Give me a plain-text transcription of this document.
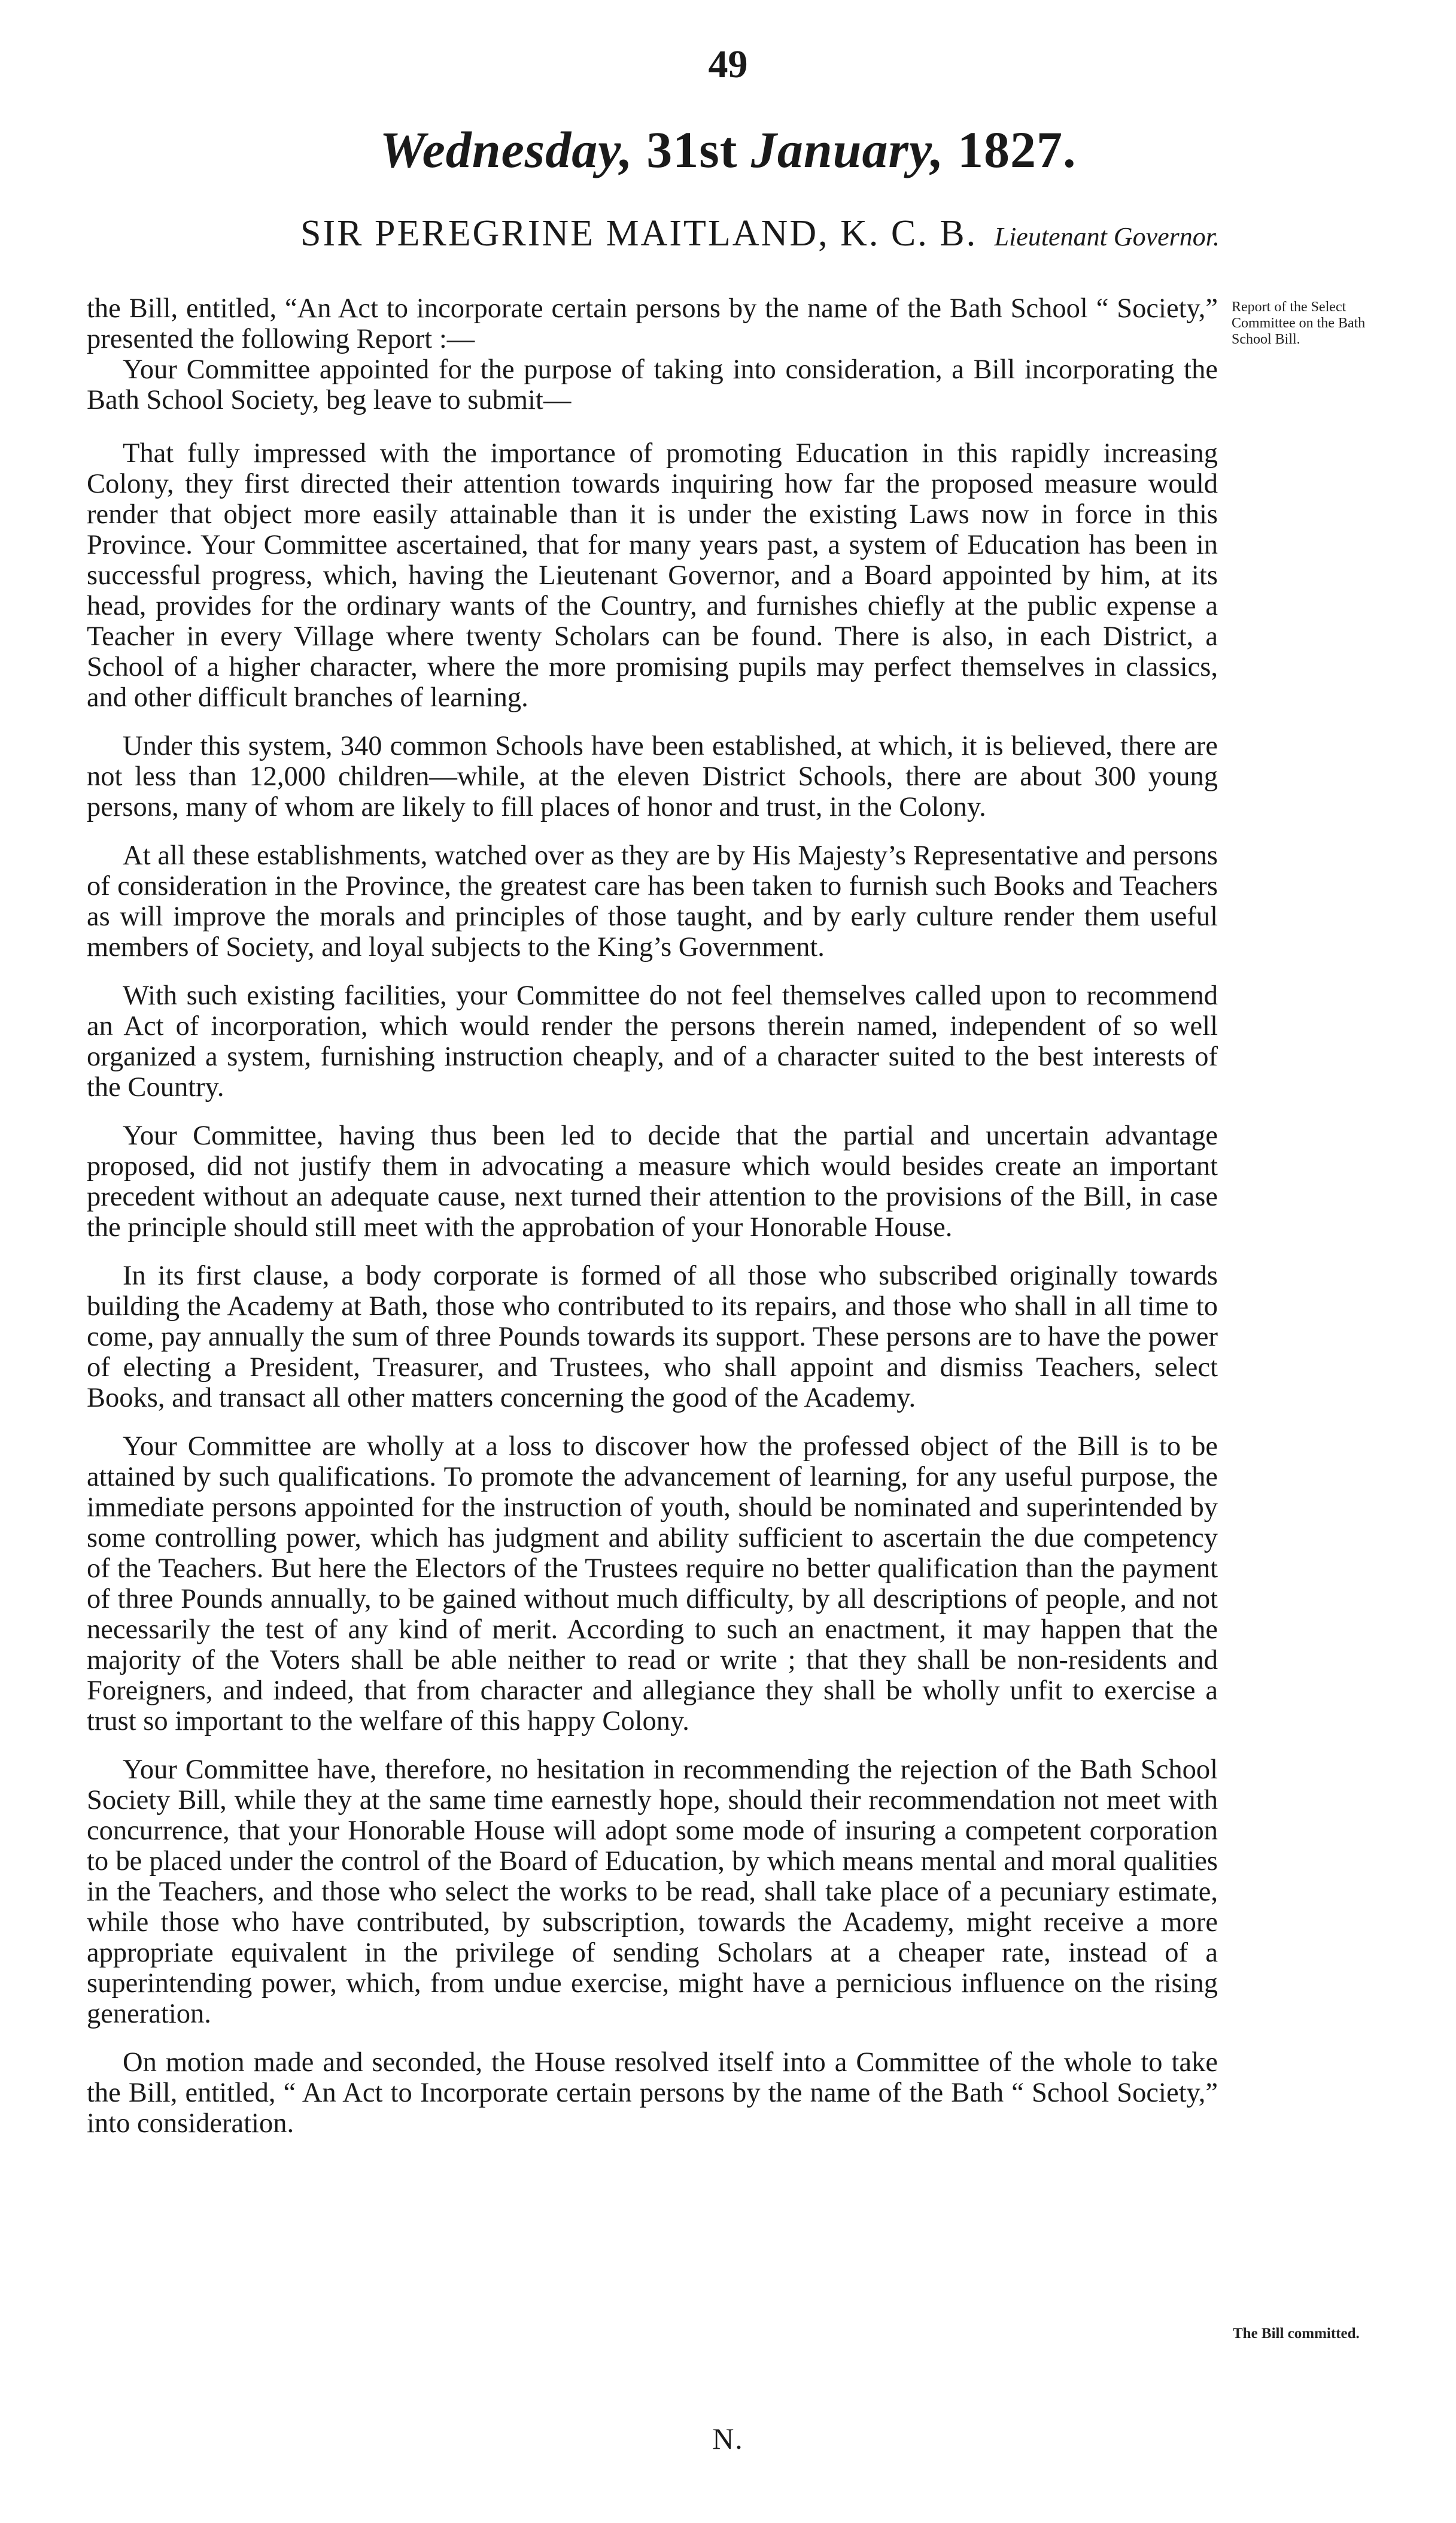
49
Wednesday, 31st January, 1827.
SIR PEREGRINE MAITLAND, K. C. B. Lieutenant Governor.
Report of the Select Committee on the Bath School Bill.

the Bill, entitled, “An Act to incorporate certain persons by the name of the Bath School “ Society,” presented the following Report :—

Your Committee appointed for the purpose of taking into consideration, a Bill incorporating the Bath School Society, beg leave to submit—

That fully impressed with the importance of promoting Education in this rapidly increasing Colony, they first directed their attention towards inquiring how far the proposed measure would render that object more easily attainable than it is under the existing Laws now in force in this Province. Your Committee ascertained, that for many years past, a system of Education has been in successful progress, which, having the Lieutenant Governor, and a Board appointed by him, at its head, provides for the ordinary wants of the Country, and furnishes chiefly at the public expense a Teacher in every Village where twenty Scholars can be found. There is also, in each District, a School of a higher character, where the more promising pupils may perfect themselves in classics, and other difficult branches of learning.

Under this system, 340 common Schools have been established, at which, it is believed, there are not less than 12,000 children—while, at the eleven District Schools, there are about 300 young persons, many of whom are likely to fill places of honor and trust, in the Colony.

At all these establishments, watched over as they are by His Majesty’s Representative and persons of consideration in the Province, the greatest care has been taken to furnish such Books and Teachers as will improve the morals and principles of those taught, and by early culture render them useful members of Society, and loyal subjects to the King’s Government.

With such existing facilities, your Committee do not feel themselves called upon to recommend an Act of incorporation, which would render the persons therein named, independent of so well organized a system, furnishing instruction cheaply, and of a character suited to the best interests of the Country.

Your Committee, having thus been led to decide that the partial and uncertain advantage proposed, did not justify them in advocating a measure which would besides create an important precedent without an adequate cause, next turned their attention to the provisions of the Bill, in case the principle should still meet with the approbation of your Honorable House.

In its first clause, a body corporate is formed of all those who subscribed originally towards building the Academy at Bath, those who contributed to its repairs, and those who shall in all time to come, pay annually the sum of three Pounds towards its support. These persons are to have the power of electing a President, Treasurer, and Trustees, who shall appoint and dismiss Teachers, select Books, and transact all other matters concerning the good of the Academy.

Your Committee are wholly at a loss to discover how the professed object of the Bill is to be attained by such qualifications. To promote the advancement of learning, for any useful purpose, the immediate persons appointed for the instruction of youth, should be nominated and superintended by some controlling power, which has judgment and ability sufficient to ascertain the due competency of the Teachers. But here the Electors of the Trustees require no better qualification than the payment of three Pounds annually, to be gained without much difficulty, by all descriptions of people, and not necessarily the test of any kind of merit. According to such an enactment, it may happen that the majority of the Voters shall be able neither to read or write ; that they shall be non-residents and Foreigners, and indeed, that from character and allegiance they shall be wholly unfit to exercise a trust so important to the welfare of this happy Colony.

Your Committee have, therefore, no hesitation in recommending the rejection of the Bath School Society Bill, while they at the same time earnestly hope, should their recommendation not meet with concurrence, that your Honorable House will adopt some mode of insuring a competent corporation to be placed under the control of the Board of Education, by which means mental and moral qualities in the Teachers, and those who select the works to be read, shall take place of a pecuniary estimate, while those who have contributed, by subscription, towards the Academy, might receive a more appropriate equivalent in the privilege of sending Scholars at a cheaper rate, instead of a superintending power, which, from undue exercise, might have a pernicious influence on the rising generation.

On motion made and seconded, the House resolved itself into a Committee of the whole to take the Bill, entitled, “ An Act to Incorporate certain persons by the name of the Bath “ School Society,” into consideration.

The Bill committed.
N.
